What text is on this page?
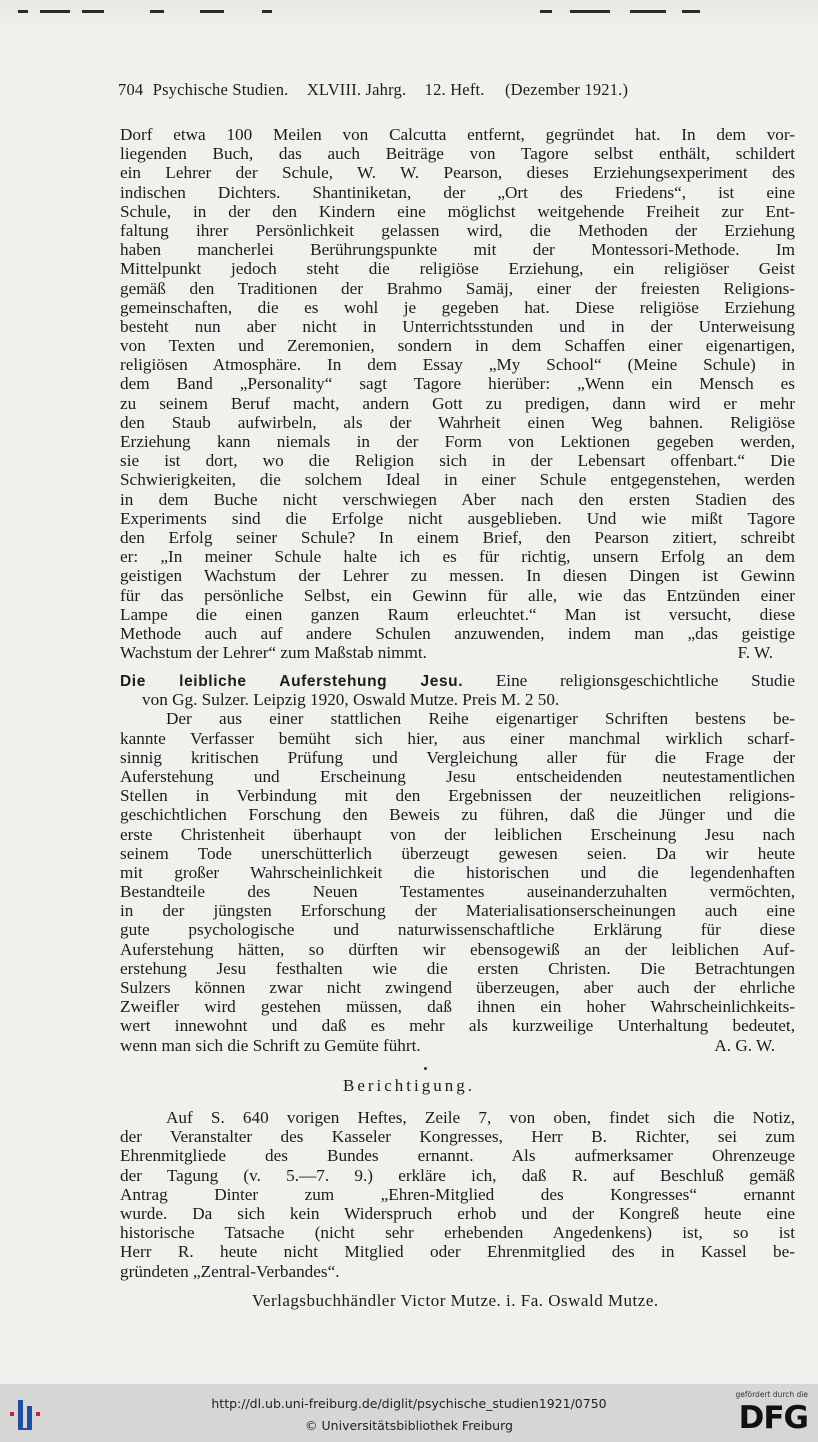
704 Psychische Studien. XLVIII. Jahrg. 12. Heft. (Dezember 1921.)
Dorf etwa 100 Meilen von Calcutta entfernt, gegründet hat. In dem vor-
liegenden Buch, das auch Beiträge von Tagore selbst enthält, schildert
ein Lehrer der Schule, W. W. Pearson, dieses Erziehungsexperiment des
indischen Dichters. Shantiniketan, der „Ort des Friedens“, ist eine
Schule, in der den Kindern eine möglichst weitgehende Freiheit zur Ent-
faltung ihrer Persönlichkeit gelassen wird, die Methoden der Erziehung
haben mancherlei Berührungspunkte mit der Montessori-Methode. Im
Mittelpunkt jedoch steht die religiöse Erziehung, ein religiöser Geist
gemäß den Traditionen der Brahmo Samäj, einer der freiesten Religions-
gemeinschaften, die es wohl je gegeben hat. Diese religiöse Erziehung
besteht nun aber nicht in Unterrichtsstunden und in der Unterweisung
von Texten und Zeremonien, sondern in dem Schaffen einer eigenartigen,
religiösen Atmosphäre. In dem Essay „My School“ (Meine Schule) in
dem Band „Personality“ sagt Tagore hierüber: „Wenn ein Mensch es
zu seinem Beruf macht, andern Gott zu predigen, dann wird er mehr
den Staub aufwirbeln, als der Wahrheit einen Weg bahnen. Religiöse
Erziehung kann niemals in der Form von Lektionen gegeben werden,
sie ist dort, wo die Religion sich in der Lebensart offenbart.“ Die
Schwierigkeiten, die solchem Ideal in einer Schule entgegenstehen, werden
in dem Buche nicht verschwiegen Aber nach den ersten Stadien des
Experiments sind die Erfolge nicht ausgeblieben. Und wie mißt Tagore
den Erfolg seiner Schule? In einem Brief, den Pearson zitiert, schreibt
er: „In meiner Schule halte ich es für richtig, unsern Erfolg an dem
geistigen Wachstum der Lehrer zu messen. In diesen Dingen ist Gewinn
für das persönliche Selbst, ein Gewinn für alle, wie das Entzünden einer
Lampe die einen ganzen Raum erleuchtet.“ Man ist versucht, diese
Methode auch auf andere Schulen anzuwenden, indem man „das geistige
Wachstum der Lehrer“ zum Maßstab nimmt.	F. W.
Die leibliche Auferstehung Jesu. Eine religionsgeschichtliche Studie
von Gg. Sulzer. Leipzig 1920, Oswald Mutze. Preis M. 2 50.
Der aus einer stattlichen Reihe eigenartiger Schriften bestens be-
kannte Verfasser bemüht sich hier, aus einer manchmal wirklich scharf-
sinnig kritischen Prüfung und Vergleichung aller für die Frage der
Auferstehung und Erscheinung Jesu entscheidenden neutestamentlichen
Stellen in Verbindung mit den Ergebnissen der neuzeitlichen religions-
geschichtlichen Forschung den Beweis zu führen, daß die Jünger und die
erste Christenheit überhaupt von der leiblichen Erscheinung Jesu nach
seinem Tode unerschütterlich überzeugt gewesen seien. Da wir heute
mit großer Wahrscheinlichkeit die historischen und die legendenhaften
Bestandteile des Neuen Testamentes auseinanderzuhalten vermöchten,
in der jüngsten Erforschung der Materialisationserscheinungen auch eine
gute psychologische und naturwissenschaftliche Erklärung für diese
Auferstehung hätten, so dürften wir ebensogewiß an der leiblichen Auf-
erstehung Jesu festhalten wie die ersten Christen. Die Betrachtungen
Sulzers können zwar nicht zwingend überzeugen, aber auch der ehrliche
Zweifler wird gestehen müssen, daß ihnen ein hoher Wahrscheinlichkeits-
wert innewohnt und daß es mehr als kurzweilige Unterhaltung bedeutet,
wenn man sich die Schrift zu Gemüte führt.	A. G. W.
Berichtigung.
Auf S. 640 vorigen Heftes, Zeile 7, von oben, findet sich die Notiz,
der Veranstalter des Kasseler Kongresses, Herr B. Richter, sei zum
Ehrenmitgliede des Bundes ernannt. Als aufmerksamer Ohrenzeuge
der Tagung (v. 5.—7. 9.) erkläre ich, daß R. auf Beschluß gemäß
Antrag Dinter zum „Ehren-Mitglied des Kongresses“ ernannt
wurde. Da sich kein Widerspruch erhob und der Kongreß heute eine
historische Tatsache (nicht sehr erhebenden Angedenkens) ist, so ist
Herr R. heute nicht Mitglied oder Ehrenmitglied des in Kassel be-
gründeten „Zentral-Verbandes“.
Verlagsbuchhändler Victor Mutze. i. Fa. Oswald Mutze.
http://dl.ub.uni-freiburg.de/diglit/psychische_studien1921/0750
© Universitätsbibliothek Freiburg
gefördert durch die
DFG
